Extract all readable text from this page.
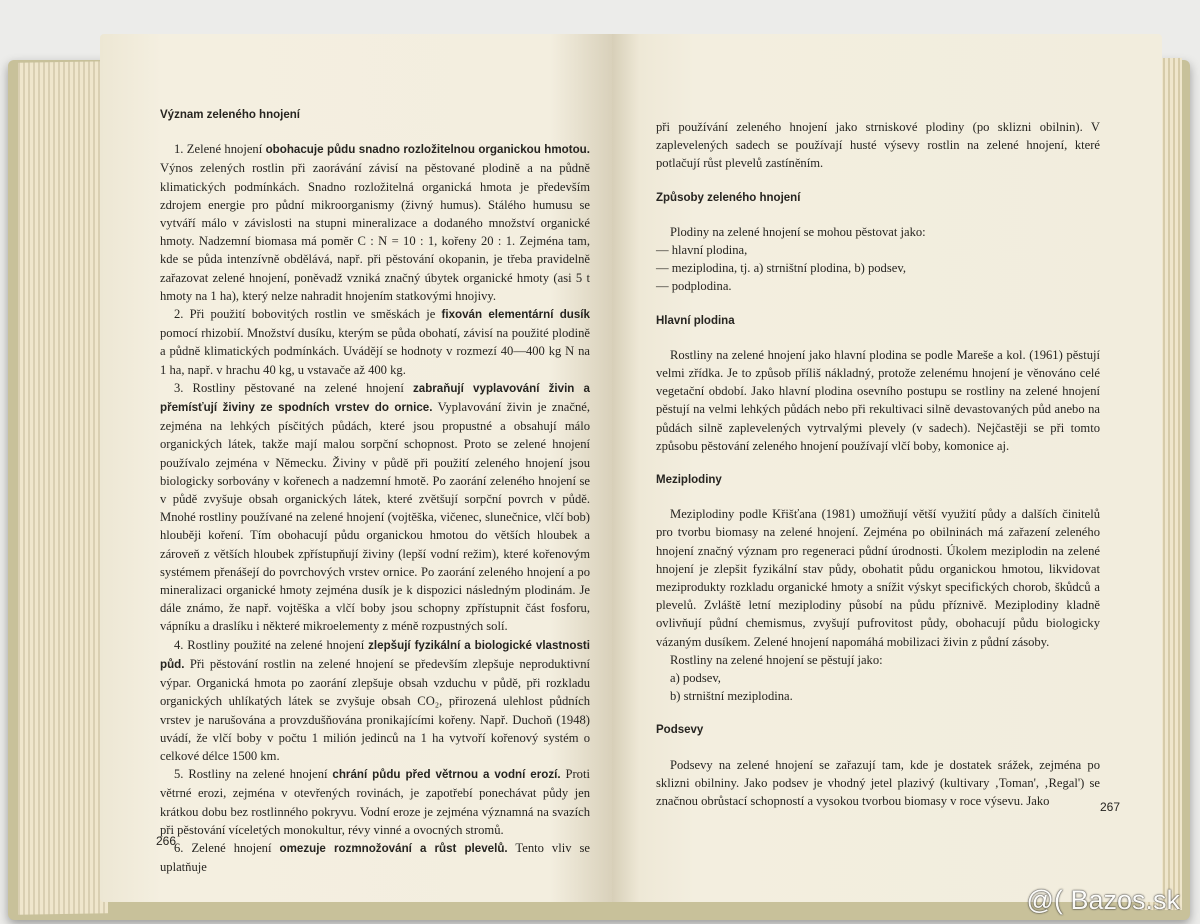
Význam zeleného hnojení

1. Zelené hnojení obohacuje půdu snadno rozložitelnou organickou hmotou. Výnos zelených rostlin při zaorávání závisí na pěstované plodině a na půdně klimatických podmínkách. Snadno rozložitelná organická hmota je především zdrojem energie pro půdní mikroorganismy (živný humus). Stálého humusu se vytváří málo v závislosti na stupni mineralizace a dodaného množství organické hmoty. Nadzemní biomasa má poměr C : N = 10 : 1, kořeny 20 : 1. Zejména tam, kde se půda intenzívně obdělává, např. při pěstování okopanin, je třeba pravidelně zařazovat zelené hnojení, poněvadž vzniká značný úbytek organické hmoty (asi 5 t hmoty na 1 ha), který nelze nahradit hnojením statkovými hnojivy.

2. Při použití bobovitých rostlin ve směskách je fixován elementární dusík pomocí rhizobií. Množství dusíku, kterým se půda obohatí, závisí na použité plodině a půdně klimatických podmínkách. Uvádějí se hodnoty v rozmezí 40—400 kg N na 1 ha, např. v hrachu 40 kg, u vstavače až 400 kg.

3. Rostliny pěstované na zelené hnojení zabraňují vyplavování živin a přemísťují živiny ze spodních vrstev do ornice. Vyplavování živin je značné, zejména na lehkých písčitých půdách, které jsou propustné a obsahují málo organických látek, takže mají malou sorpční schopnost. Proto se zelené hnojení používalo zejména v Německu. Živiny v půdě při použití zeleného hnojení jsou biologicky sorbovány v kořenech a nadzemní hmotě. Po zaorání zeleného hnojení se v půdě zvyšuje obsah organických látek, které zvětšují sorpční povrch v půdě. Mnohé rostliny používané na zelené hnojení (vojtěška, vičenec, slunečnice, vlčí bob) hlouběji koření. Tím obohacují půdu organickou hmotou do větších hloubek a zároveň z větších hloubek zpřístupňují živiny (lepší vodní režim), které kořenovým systémem přenášejí do povrchových vrstev ornice. Po zaorání zeleného hnojení a po mineralizaci organické hmoty zejména dusík je k dispozici následným plodinám. Je dále známo, že např. vojtěška a vlčí boby jsou schopny zpřístupnit část fosforu, vápníku a draslíku i některé mikroelementy z méně rozpustných solí.

4. Rostliny použité na zelené hnojení zlepšují fyzikální a biologické vlastnosti půd. Při pěstování rostlin na zelené hnojení se především zlepšuje neproduktivní výpar. Organická hmota po zaorání zlepšuje obsah vzduchu v půdě, při rozkladu organických uhlíkatých látek se zvyšuje obsah CO₂, přirozená ulehlost půdních vrstev je narušována a provzdušňována pronikajícími kořeny. Např. Duchoň (1948) uvádí, že vlčí boby v počtu 1 milión jedinců na 1 ha vytvoří kořenový systém o celkové délce 1500 km.

5. Rostliny na zelené hnojení chrání půdu před větrnou a vodní erozí. Proti větrné erozi, zejména v otevřených rovinách, je zapotřebí ponechávat půdy jen krátkou dobu bez rostlinného pokryvu. Vodní eroze je zejména významná na svazích při pěstování víceletých monokultur, révy vinné a ovocných stromů.

6. Zelené hnojení omezuje rozmnožování a růst plevelů. Tento vliv se uplatňuje

266

při používání zeleného hnojení jako strniskové plodiny (po sklizni obilnin). V zaplevelených sadech se používají husté výsevy rostlin na zelené hnojení, které potlačují růst plevelů zastíněním.

Způsoby zeleného hnojení

Plodiny na zelené hnojení se mohou pěstovat jako:

— hlavní plodina,
— meziplodina, tj. a) strništní plodina, b) podsev,
— podplodina.
Hlavní plodina

Rostliny na zelené hnojení jako hlavní plodina se podle Mareše a kol. (1961) pěstují velmi zřídka. Je to způsob příliš nákladný, protože zelenému hnojení je věnováno celé vegetační období. Jako hlavní plodina osevního postupu se rostliny na zelené hnojení pěstují na velmi lehkých půdách nebo při rekultivaci silně devastovaných půd anebo na půdách silně zaplevelených vytrvalými plevely (v sadech). Nejčastěji se při tomto způsobu pěstování zeleného hnojení používají vlčí boby, komonice aj.

Meziplodiny

Meziplodiny podle Křišťana (1981) umožňují větší využití půdy a dalších činitelů pro tvorbu biomasy na zelené hnojení. Zejména po obilninách má zařazení zeleného hnojení značný význam pro regeneraci půdní úrodnosti. Úkolem meziplodin na zelené hnojení je zlepšit fyzikální stav půdy, obohatit půdu organickou hmotou, likvidovat meziprodukty rozkladu organické hmoty a snížit výskyt specifických chorob, škůdců a plevelů. Zvláště letní meziplodiny působí na půdu příznivě. Meziplodiny kladně ovlivňují půdní chemismus, zvyšují pufrovitost půdy, obohacují půdu biologicky vázaným dusíkem. Zelené hnojení napomáhá mobilizaci živin z půdní zásoby.

Rostliny na zelené hnojení se pěstují jako:

a) podsev,
b) strništní meziplodina.
Podsevy

Podsevy na zelené hnojení se zařazují tam, kde je dostatek srážek, zejména po sklizni obilniny. Jako podsev je vhodný jetel plazivý (kultivary ‚Toman', ‚Regal') se značnou obrůstací schopností a vysokou tvorbou biomasy v roce výsevu. Jako	267
@( Bazos.sk
